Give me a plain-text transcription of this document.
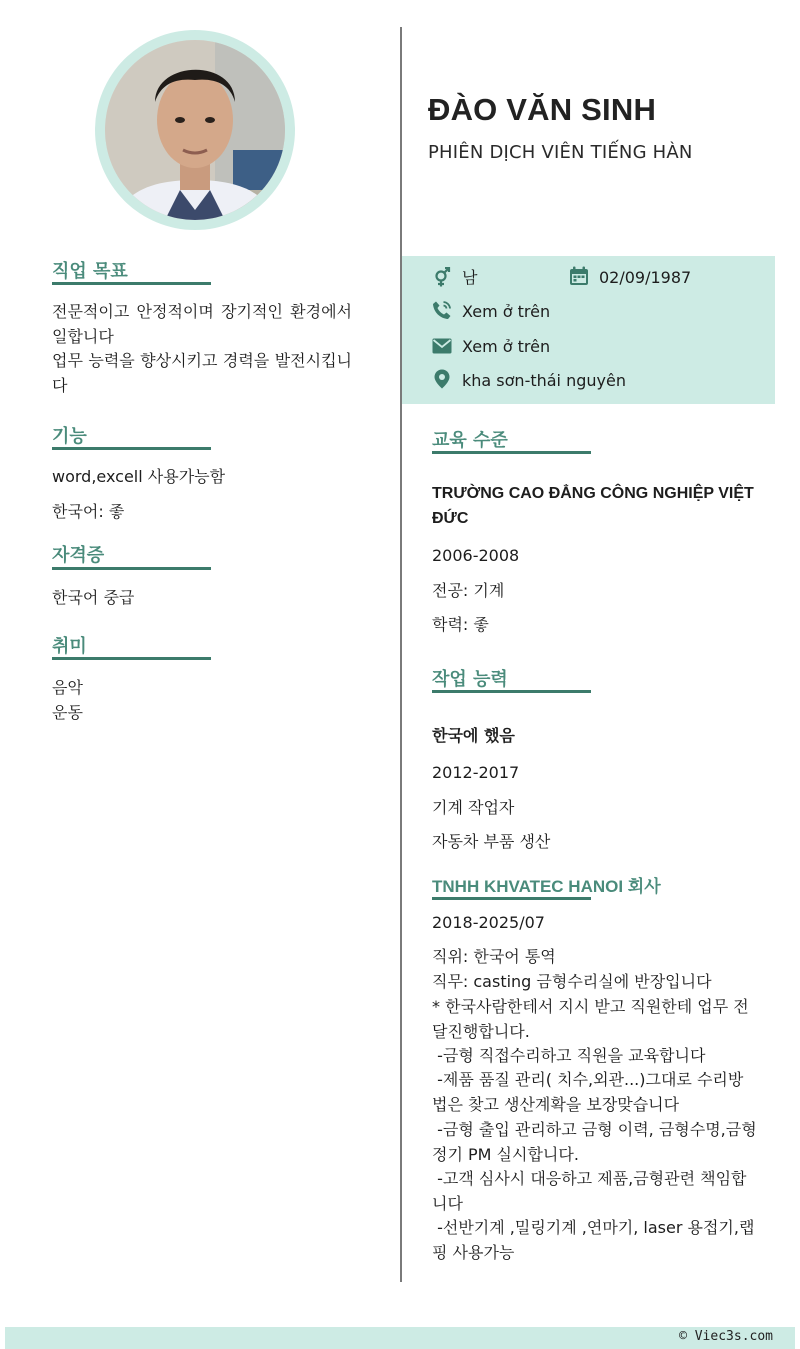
직업 목표
전문적이고 안정적이며 장기적인 환경에서 일합니다
업무 능력을 향상시키고 경력을 발전시킵니다
기능
word,excell 사용가능함
한국어: 좋
자격증
한국어 중급
취미
음악
운동
ĐÀO VĂN SINH
PHIÊN DỊCH VIÊN TIẾNG HÀN
남	02/09/1987
Xem ở trên
Xem ở trên
kha sơn-thái nguyên
교육 수준
TRƯỜNG CAO ĐẲNG CÔNG NGHIỆP VIỆT ĐỨC
2006-2008
전공: 기계
학력: 좋
작업 능력
한국에 했음
2012-2017
기계 작업자
자동차 부품 생산
TNHH KHVATEC HANOI 회사
2018-2025/07
직위: 한국어 통역
직무: casting 금형수리실에 반장입니다
* 한국사람한테서 지시 받고 직원한테 업무 전달진행합니다.
-금형 직접수리하고 직원을 교육합니다
-제품 품질 관리( 치수,외관...)그대로 수리방법은 찾고 생산계확을 보장맞습니다
-금형 출입 관리하고 금형 이력, 금형수명,금형 정기 PM 실시합니다.
-고객 심사시 대응하고 제품,금형관련 책임합니다
-선반기계 ,밀링기계 ,연마기, laser 용접기,랩핑 사용가능
© Viec3s.com
